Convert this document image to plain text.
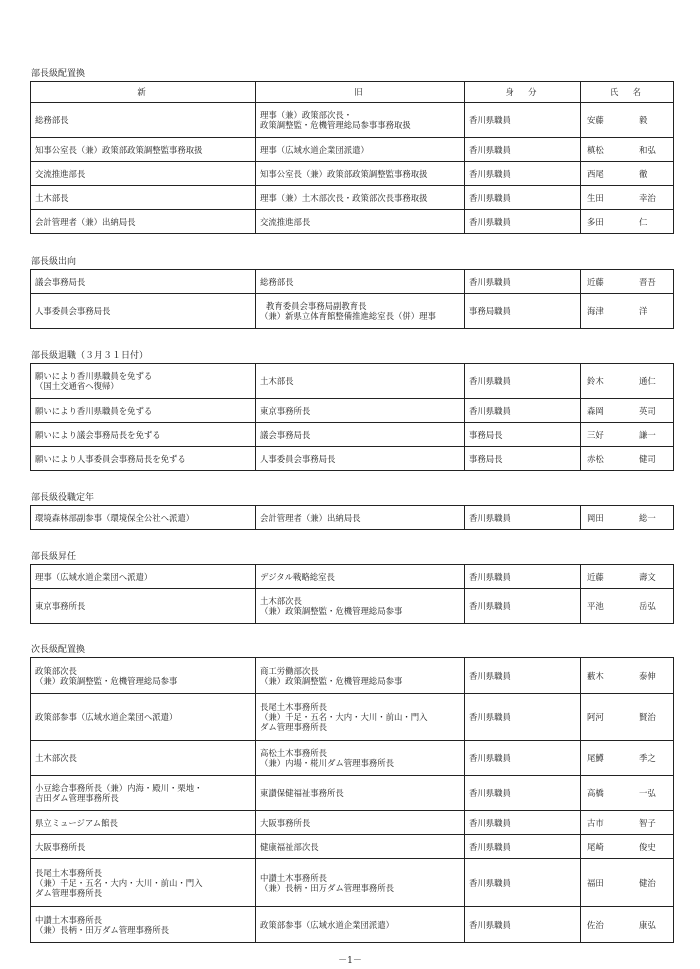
部長級配置換
新	旧	身　分	氏　名

総務部長	理事（兼）政策部次長・
政策調整監・危機管理総局参事事務取扱	香川県職員	安藤 毅

知事公室長（兼）政策部政策調整監事務取扱	理事（広域水道企業団派遣）	香川県職員	槙松 和弘

交流推進部長	知事公室長（兼）政策部政策調整監事務取扱	香川県職員	西尾 徹

土木部長	理事（兼）土木部次長・政策部次長事務取扱	香川県職員	生田 幸治

会計管理者（兼）出納局長	交流推進部長	香川県職員	多田 仁
部長級出向
議会事務局長	総務部長	香川県職員	近藤 晋吾

人事委員会事務局長	教育委員会事務局副教育長
（兼）新県立体育館整備推進総室長（併）理事	事務局職員	海津 洋
部長級退職（３月３１日付）
願いにより香川県職員を免ずる
（国土交通省へ復帰）	土木部長	香川県職員	鈴木 通仁

願いにより香川県職員を免ずる	東京事務所長	香川県職員	森岡 英司

願いにより議会事務局長を免ずる	議会事務局長	事務局長	三好 謙一

願いにより人事委員会事務局長を免ずる	人事委員会事務局長	事務局長	赤松 健司
部長級役職定年
環境森林部副参事（環境保全公社へ派遣）	会計管理者（兼）出納局長	香川県職員	岡田	総一
部長級昇任
理事（広域水道企業団へ派遣）	デジタル戦略総室長	香川県職員	近藤 壽文

東京事務所長	土木部次長
（兼）政策調整監・危機管理総局参事	香川県職員	平池 岳弘
次長級配置換
政策部次長
（兼）政策調整監・危機管理総局参事	商工労働部次長
（兼）政策調整監・危機管理総局参事	香川県職員	藪木 泰伸

政策部参事（広域水道企業団へ派遣）	長尾土木事務所長
（兼）千足・五名・大内・大川・前山・門入
ダム管理事務所長	香川県職員	阿河 賢治

土木部次長	高松土木事務所長
（兼）内場・椛川ダム管理事務所長	香川県職員	尾鱒 季之

小豆総合事務所長（兼）内海・殿川・栗地・
吉田ダム管理事務所長	東讃保健福祉事務所長	香川県職員	高橋 一弘

県立ミュージアム館長	大阪事務所長	香川県職員	古市 智子

大阪事務所長	健康福祉部次長	香川県職員	尾崎 俊史

長尾土木事務所長
（兼）千足・五名・大内・大川・前山・門入
ダム管理事務所長	中讃土木事務所長
（兼）長柄・田万ダム管理事務所長	香川県職員	福田 健治

中讃土木事務所長
（兼）長柄・田万ダム管理事務所長	政策部参事（広域水道企業団派遣）	香川県職員	佐治 康弘
－1－
